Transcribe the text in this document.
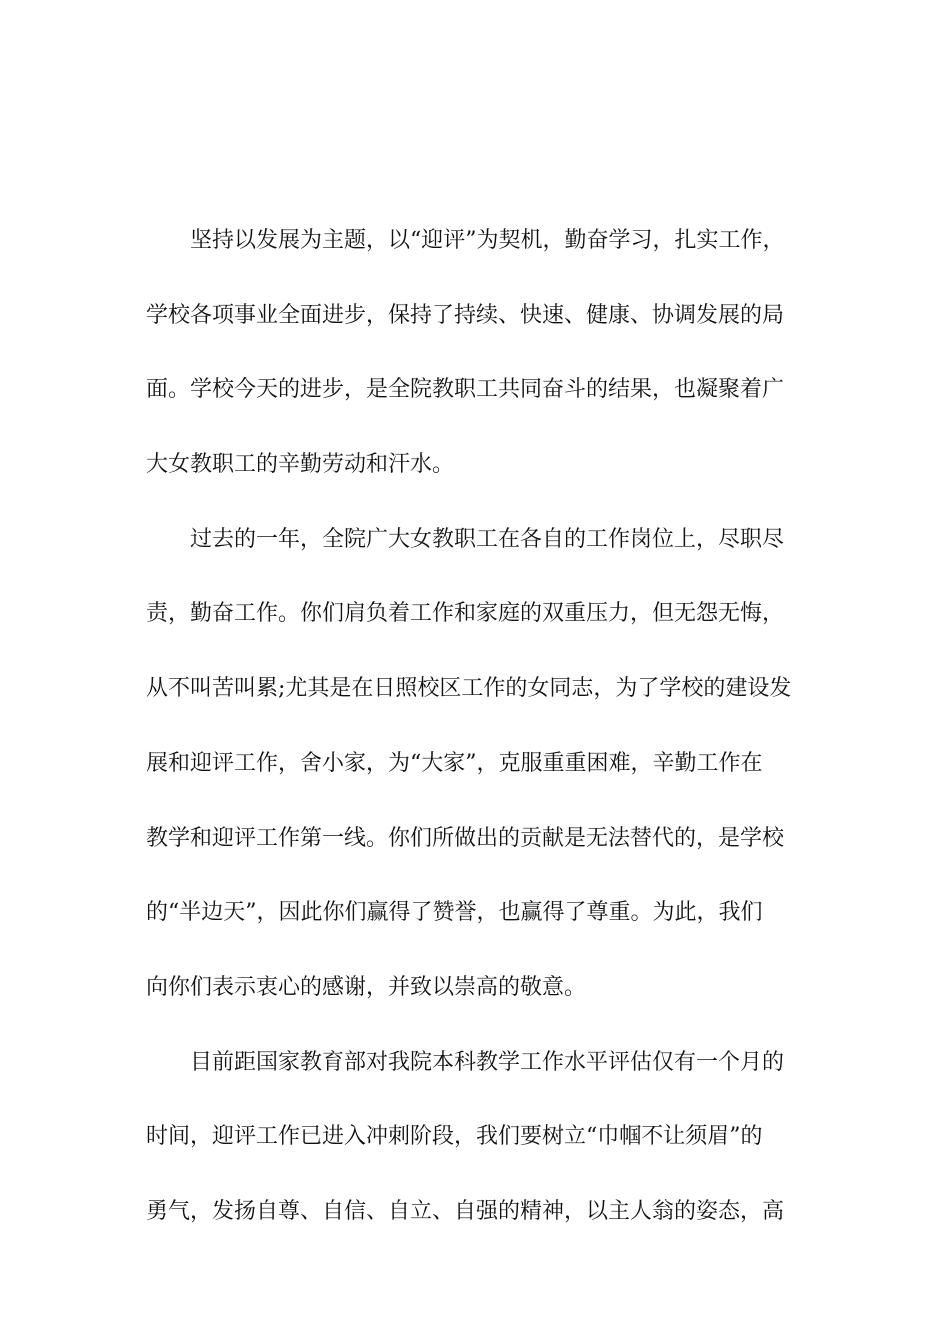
坚持以发展为主题，以“迎评”为契机，勤奋学习，扎实工作，
学校各项事业全面进步，保持了持续、快速、健康、协调发展的局
面。学校今天的进步，是全院教职工共同奋斗的结果，也凝聚着广
大女教职工的辛勤劳动和汗水。

过去的一年，全院广大女教职工在各自的工作岗位上，尽职尽
责，勤奋工作。你们肩负着工作和家庭的双重压力，但无怨无悔，
从不叫苦叫累;尤其是在日照校区工作的女同志，为了学校的建设发
展和迎评工作，舍小家，为“大家”，克服重重困难，辛勤工作在
教学和迎评工作第一线。你们所做出的贡献是无法替代的，是学校
的“半边天”，因此你们赢得了赞誉，也赢得了尊重。为此，我们
向你们表示衷心的感谢，并致以崇高的敬意。

目前距国家教育部对我院本科教学工作水平评估仅有一个月的
时间，迎评工作已进入冲刺阶段，我们要树立“巾帼不让须眉”的
勇气，发扬自尊、自信、自立、自强的精神，以主人翁的姿态，高
